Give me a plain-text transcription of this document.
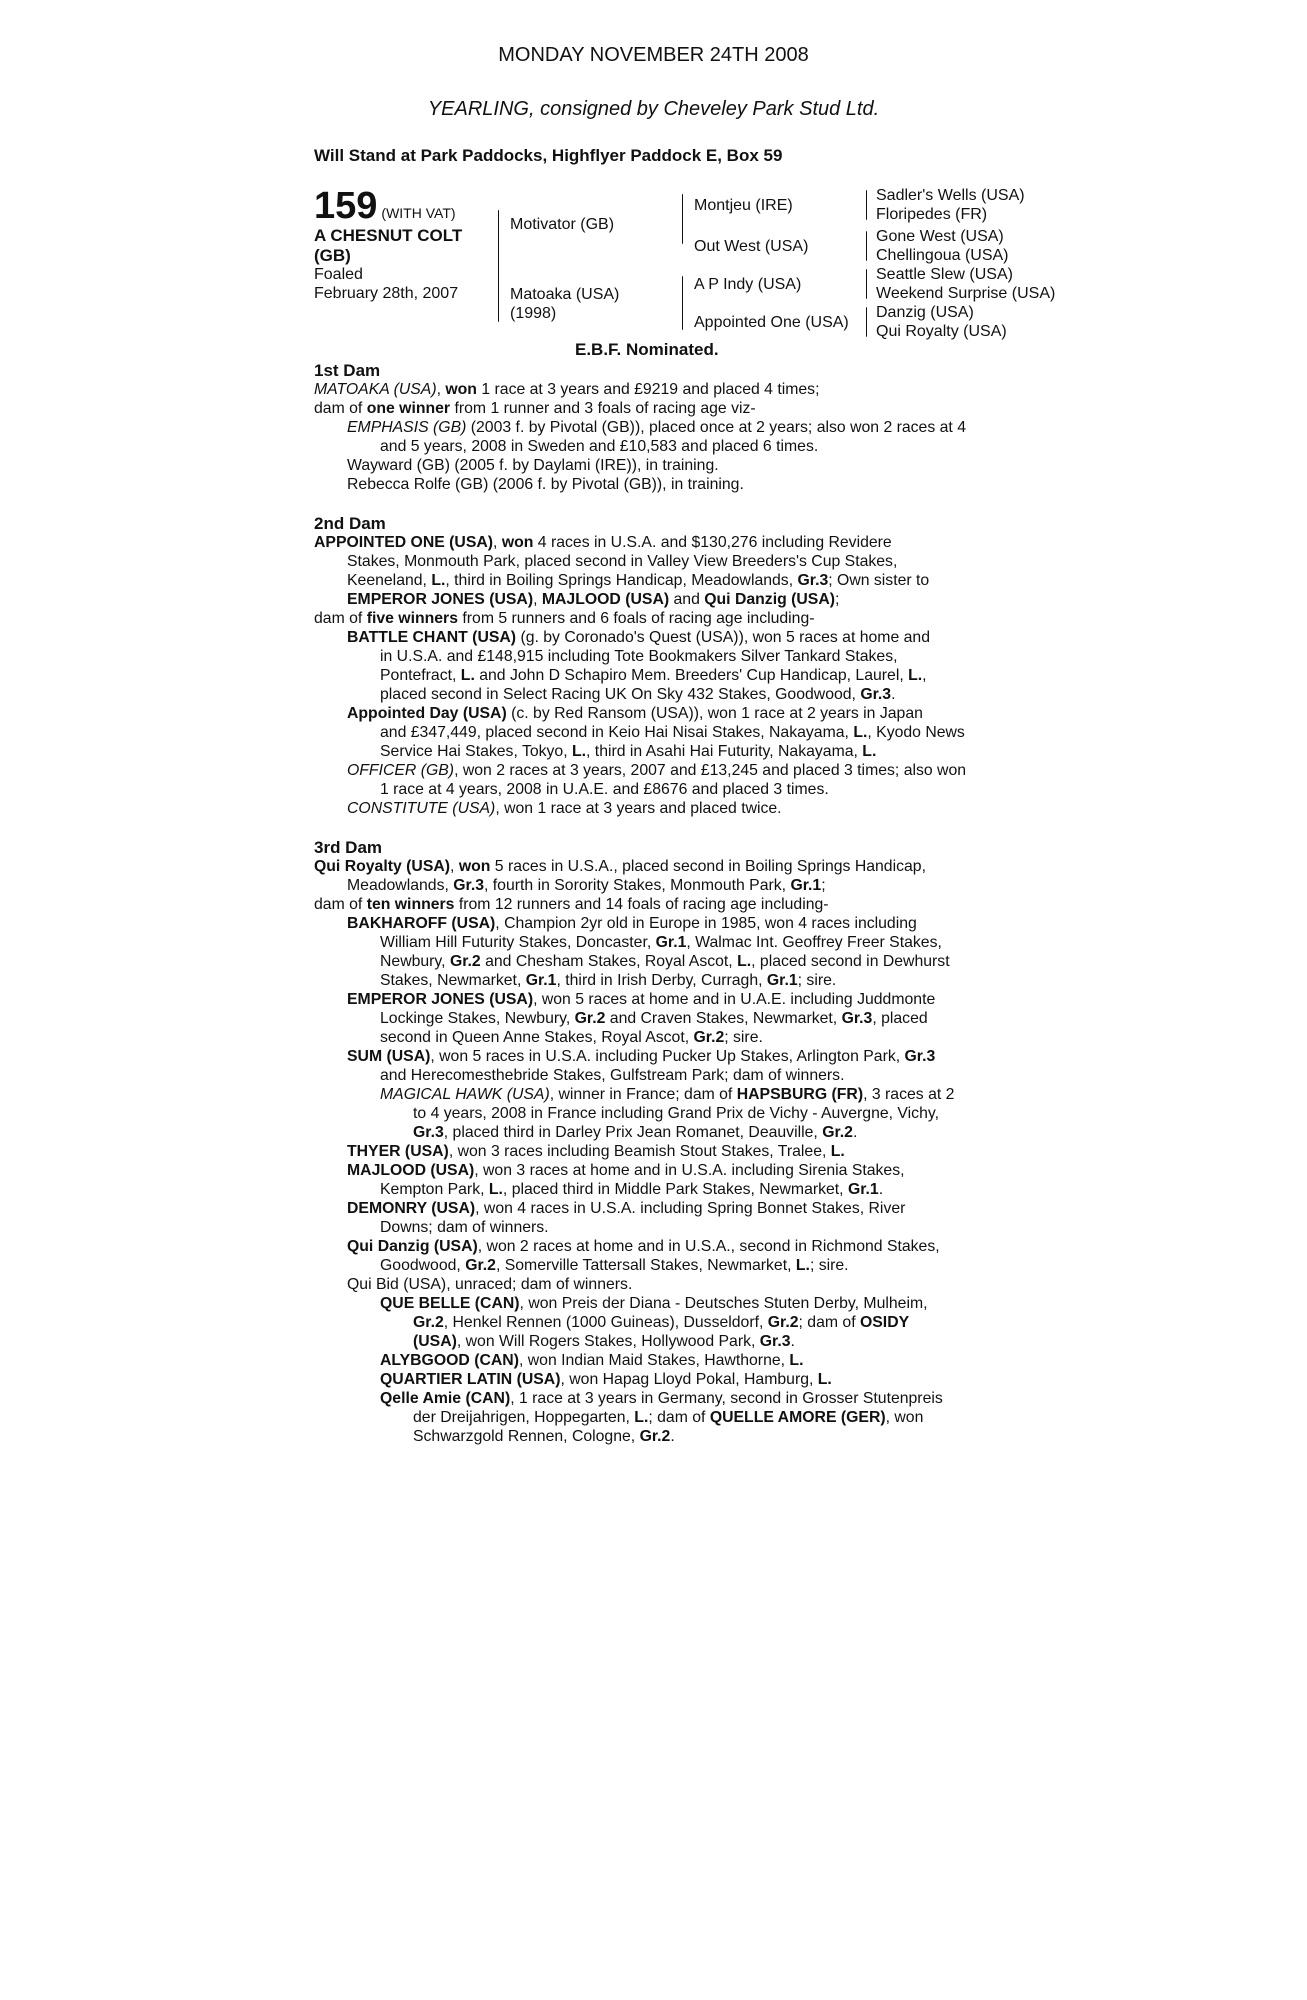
MONDAY NOVEMBER 24TH 2008
YEARLING, consigned by Cheveley Park Stud Ltd.
Will Stand at Park Paddocks, Highflyer Paddock E, Box 59
159 (WITH VAT)
A CHESNUT COLT
(GB)
Foaled
February 28th, 2007
Motivator (GB)
Matoaka (USA)
(1998)
Montjeu (IRE)
Out West (USA)
A P Indy (USA)
Appointed One (USA)
Sadler's Wells (USA)
Floripedes (FR)
Gone West (USA)
Chellingoua (USA)
Seattle Slew (USA)
Weekend Surprise (USA)
Danzig (USA)
Qui Royalty (USA)
E.B.F. Nominated.
1st Dam
MATOAKA (USA), won 1 race at 3 years and £9219 and placed 4 times;
dam of one winner from 1 runner and 3 foals of racing age viz-
EMPHASIS (GB) (2003 f. by Pivotal (GB)), placed once at 2 years; also won 2 races at 4
and 5 years, 2008 in Sweden and £10,583 and placed 6 times.
Wayward (GB) (2005 f. by Daylami (IRE)), in training.
Rebecca Rolfe (GB) (2006 f. by Pivotal (GB)), in training.
2nd Dam
APPOINTED ONE (USA), won 4 races in U.S.A. and $130,276 including Revidere
Stakes, Monmouth Park, placed second in Valley View Breeders's Cup Stakes,
Keeneland, L., third in Boiling Springs Handicap, Meadowlands, Gr.3; Own sister to
EMPEROR JONES (USA), MAJLOOD (USA) and Qui Danzig (USA);
dam of five winners from 5 runners and 6 foals of racing age including-
BATTLE CHANT (USA) (g. by Coronado's Quest (USA)), won 5 races at home and
in U.S.A. and £148,915 including Tote Bookmakers Silver Tankard Stakes,
Pontefract, L. and John D Schapiro Mem. Breeders' Cup Handicap, Laurel, L.,
placed second in Select Racing UK On Sky 432 Stakes, Goodwood, Gr.3.
Appointed Day (USA) (c. by Red Ransom (USA)), won 1 race at 2 years in Japan
and £347,449, placed second in Keio Hai Nisai Stakes, Nakayama, L., Kyodo News
Service Hai Stakes, Tokyo, L., third in Asahi Hai Futurity, Nakayama, L.
OFFICER (GB), won 2 races at 3 years, 2007 and £13,245 and placed 3 times; also won
1 race at 4 years, 2008 in U.A.E. and £8676 and placed 3 times.
CONSTITUTE (USA), won 1 race at 3 years and placed twice.
3rd Dam
Qui Royalty (USA), won 5 races in U.S.A., placed second in Boiling Springs Handicap,
Meadowlands, Gr.3, fourth in Sorority Stakes, Monmouth Park, Gr.1;
dam of ten winners from 12 runners and 14 foals of racing age including-
BAKHAROFF (USA), Champion 2yr old in Europe in 1985, won 4 races including
William Hill Futurity Stakes, Doncaster, Gr.1, Walmac Int. Geoffrey Freer Stakes,
Newbury, Gr.2 and Chesham Stakes, Royal Ascot, L., placed second in Dewhurst
Stakes, Newmarket, Gr.1, third in Irish Derby, Curragh, Gr.1; sire.
EMPEROR JONES (USA), won 5 races at home and in U.A.E. including Juddmonte
Lockinge Stakes, Newbury, Gr.2 and Craven Stakes, Newmarket, Gr.3, placed
second in Queen Anne Stakes, Royal Ascot, Gr.2; sire.
SUM (USA), won 5 races in U.S.A. including Pucker Up Stakes, Arlington Park, Gr.3
and Herecomesthebride Stakes, Gulfstream Park; dam of winners.
MAGICAL HAWK (USA), winner in France; dam of HAPSBURG (FR), 3 races at 2
to 4 years, 2008 in France including Grand Prix de Vichy - Auvergne, Vichy,
Gr.3, placed third in Darley Prix Jean Romanet, Deauville, Gr.2.
THYER (USA), won 3 races including Beamish Stout Stakes, Tralee, L.
MAJLOOD (USA), won 3 races at home and in U.S.A. including Sirenia Stakes,
Kempton Park, L., placed third in Middle Park Stakes, Newmarket, Gr.1.
DEMONRY (USA), won 4 races in U.S.A. including Spring Bonnet Stakes, River
Downs; dam of winners.
Qui Danzig (USA), won 2 races at home and in U.S.A., second in Richmond Stakes,
Goodwood, Gr.2, Somerville Tattersall Stakes, Newmarket, L.; sire.
Qui Bid (USA), unraced; dam of winners.
QUE BELLE (CAN), won Preis der Diana - Deutsches Stuten Derby, Mulheim,
Gr.2, Henkel Rennen (1000 Guineas), Dusseldorf, Gr.2; dam of OSIDY
(USA), won Will Rogers Stakes, Hollywood Park, Gr.3.
ALYBGOOD (CAN), won Indian Maid Stakes, Hawthorne, L.
QUARTIER LATIN (USA), won Hapag Lloyd Pokal, Hamburg, L.
Qelle Amie (CAN), 1 race at 3 years in Germany, second in Grosser Stutenpreis
der Dreijahrigen, Hoppegarten, L.; dam of QUELLE AMORE (GER), won
Schwarzgold Rennen, Cologne, Gr.2.
